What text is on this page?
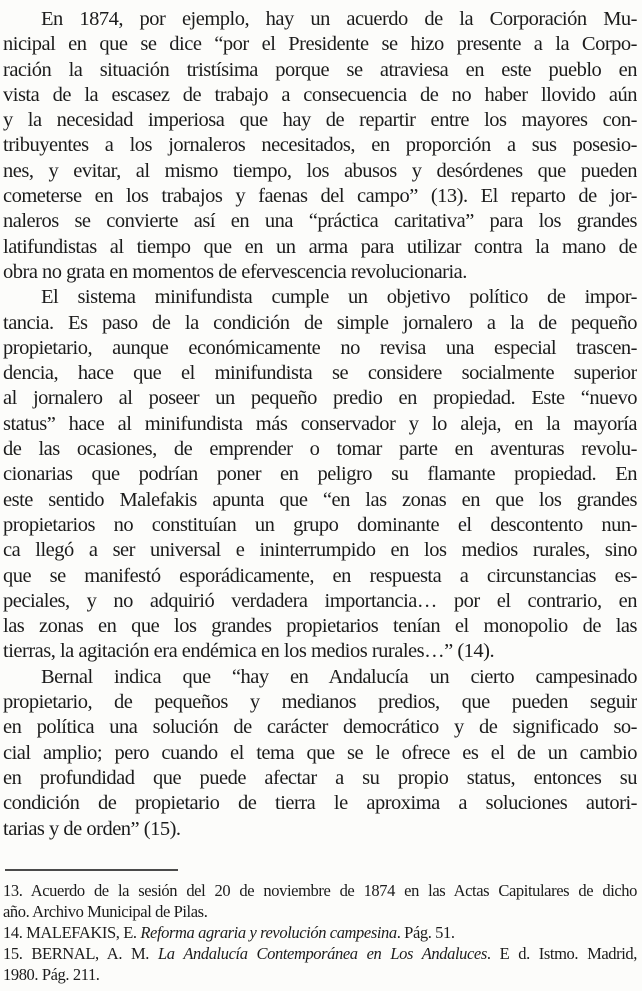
En 1874, por ejemplo, hay un acuerdo de la Corporación Mu-
nicipal en que se dice “por el Presidente se hizo presente a la Corpo-
ración la situación tristísima porque se atraviesa en este pueblo en
vista de la escasez de trabajo a consecuencia de no haber llovido aún
y la necesidad imperiosa que hay de repartir entre los mayores con-
tribuyentes a los jornaleros necesitados, en proporción a sus posesio-
nes, y evitar, al mismo tiempo, los abusos y desórdenes que pueden
cometerse en los trabajos y faenas del campo” (13). El reparto de jor-
naleros se convierte así en una “práctica caritativa” para los grandes
latifundistas al tiempo que en un arma para utilizar contra la mano de
obra no grata en momentos de efervescencia revolucionaria.
El sistema minifundista cumple un objetivo político de impor-
tancia. Es paso de la condición de simple jornalero a la de pequeño
propietario, aunque económicamente no revisa una especial trascen-
dencia, hace que el minifundista se considere socialmente superior
al jornalero al poseer un pequeño predio en propiedad. Este “nuevo
status” hace al minifundista más conservador y lo aleja, en la mayoría
de las ocasiones, de emprender o tomar parte en aventuras revolu-
cionarias que podrían poner en peligro su flamante propiedad. En
este sentido Malefakis apunta que “en las zonas en que los grandes
propietarios no constituían un grupo dominante el descontento nun-
ca llegó a ser universal e ininterrumpido en los medios rurales, sino
que se manifestó esporádicamente, en respuesta a circunstancias es-
peciales, y no adquirió verdadera importancia… por el contrario, en
las zonas en que los grandes propietarios tenían el monopolio de las
tierras, la agitación era endémica en los medios rurales…” (14).
Bernal indica que “hay en Andalucía un cierto campesinado
propietario, de pequeños y medianos predios, que pueden seguir
en política una solución de carácter democrático y de significado so-
cial amplio; pero cuando el tema que se le ofrece es el de un cambio
en profundidad que puede afectar a su propio status, entonces su
condición de propietario de tierra le aproxima a soluciones autori-
tarias y de orden” (15).
13. Acuerdo de la sesión del 20 de noviembre de 1874 en las Actas Capitulares de dicho
año. Archivo Municipal de Pilas.
14. MALEFAKIS, E. Reforma agraria y revolución campesina. Pág. 51.
15. BERNAL, A. M. La Andalucía Contemporánea en Los Andaluces. E d. Istmo. Madrid,
1980. Pág. 211.
